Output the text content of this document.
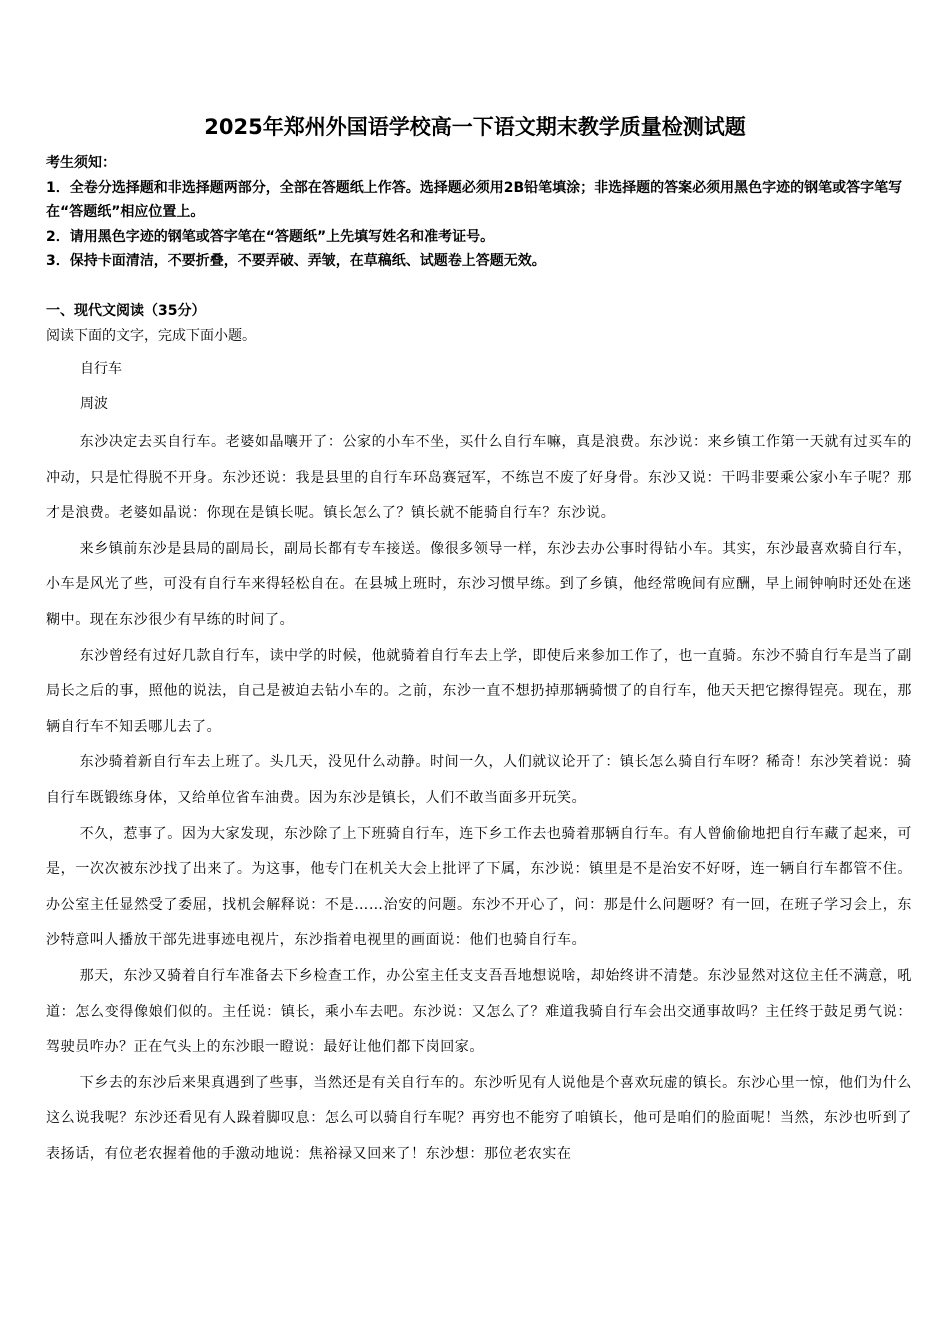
2025年郑州外国语学校高一下语文期末教学质量检测试题
考生须知：
1．全卷分选择题和非选择题两部分，全部在答题纸上作答。选择题必须用2B铅笔填涂；非选择题的答案必须用黑色字迹的钢笔或答字笔写在“答题纸”相应位置上。
2．请用黑色字迹的钢笔或答字笔在“答题纸”上先填写姓名和准考证号。
3．保持卡面清洁，不要折叠，不要弄破、弄皱，在草稿纸、试题卷上答题无效。
一、现代文阅读（35分）
阅读下面的文字，完成下面小题。
自行车
周波

东沙决定去买自行车。老婆如晶嚷开了：公家的小车不坐，买什么自行车嘛，真是浪费。东沙说：来乡镇工作第一天就有过买车的冲动，只是忙得脱不开身。东沙还说：我是县里的自行车环岛赛冠军，不练岂不废了好身骨。东沙又说：干吗非要乘公家小车子呢？那才是浪费。老婆如晶说：你现在是镇长呢。镇长怎么了？镇长就不能骑自行车？东沙说。

来乡镇前东沙是县局的副局长，副局长都有专车接送。像很多领导一样，东沙去办公事时得钻小车。其实，东沙最喜欢骑自行车，小车是风光了些，可没有自行车来得轻松自在。在县城上班时，东沙习惯早练。到了乡镇，他经常晚间有应酬，早上闹钟响时还处在迷糊中。现在东沙很少有早练的时间了。

东沙曾经有过好几款自行车，读中学的时候，他就骑着自行车去上学，即使后来参加工作了，也一直骑。东沙不骑自行车是当了副局长之后的事，照他的说法，自己是被迫去钻小车的。之前，东沙一直不想扔掉那辆骑惯了的自行车，他天天把它擦得锃亮。现在，那辆自行车不知丢哪儿去了。

东沙骑着新自行车去上班了。头几天，没见什么动静。时间一久，人们就议论开了：镇长怎么骑自行车呀？稀奇！东沙笑着说：骑自行车既锻练身体，又给单位省车油费。因为东沙是镇长，人们不敢当面多开玩笑。

不久，惹事了。因为大家发现，东沙除了上下班骑自行车，连下乡工作去也骑着那辆自行车。有人曾偷偷地把自行车藏了起来，可是，一次次被东沙找了出来了。为这事，他专门在机关大会上批评了下属，东沙说：镇里是不是治安不好呀，连一辆自行车都管不住。办公室主任显然受了委屈，找机会解释说：不是……治安的问题。东沙不开心了，问：那是什么问题呀？有一回，在班子学习会上，东沙特意叫人播放干部先进事迹电视片，东沙指着电视里的画面说：他们也骑自行车。

那天，东沙又骑着自行车准备去下乡检查工作，办公室主任支支吾吾地想说啥，却始终讲不清楚。东沙显然对这位主任不满意，吼道：怎么变得像娘们似的。主任说：镇长，乘小车去吧。东沙说：又怎么了？难道我骑自行车会出交通事故吗？主任终于鼓足勇气说：驾驶员咋办？正在气头上的东沙眼一瞪说：最好让他们都下岗回家。

下乡去的东沙后来果真遇到了些事，当然还是有关自行车的。东沙听见有人说他是个喜欢玩虚的镇长。东沙心里一惊，他们为什么这么说我呢？东沙还看见有人跺着脚叹息：怎么可以骑自行车呢？再穷也不能穷了咱镇长，他可是咱们的脸面呢！当然，东沙也听到了表扬话，有位老农握着他的手激动地说：焦裕禄又回来了！东沙想：那位老农实在
